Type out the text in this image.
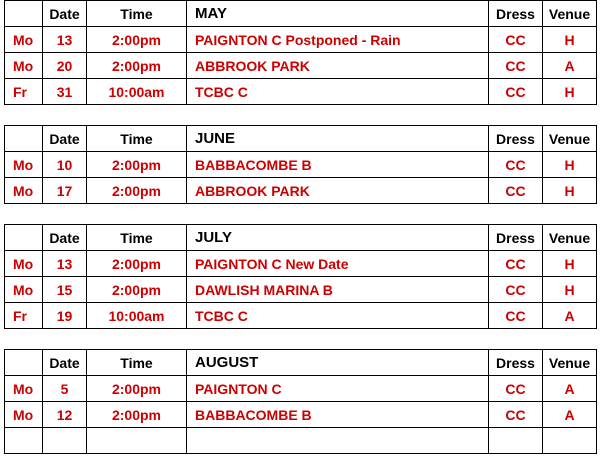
	Date	Time	MAY	Dress	Venue
Mo	13	2:00pm	PAIGNTON C Postponed - Rain	CC	H
Mo	20	2:00pm	ABBROOK PARK	CC	A
Fr	31	10:00am	TCBC C	CC	H
	Date	Time	JUNE	Dress	Venue
Mo	10	2:00pm	BABBACOMBE B	CC	H
Mo	17	2:00pm	ABBROOK PARK	CC	H
	Date	Time	JULY	Dress	Venue
Mo	13	2:00pm	PAIGNTON C New Date	CC	H
Mo	15	2:00pm	DAWLISH MARINA B	CC	H
Fr	19	10:00am	TCBC C	CC	A
	Date	Time	AUGUST	Dress	Venue
Mo	5	2:00pm	PAIGNTON C	CC	A
Mo	12	2:00pm	BABBACOMBE B	CC	A
